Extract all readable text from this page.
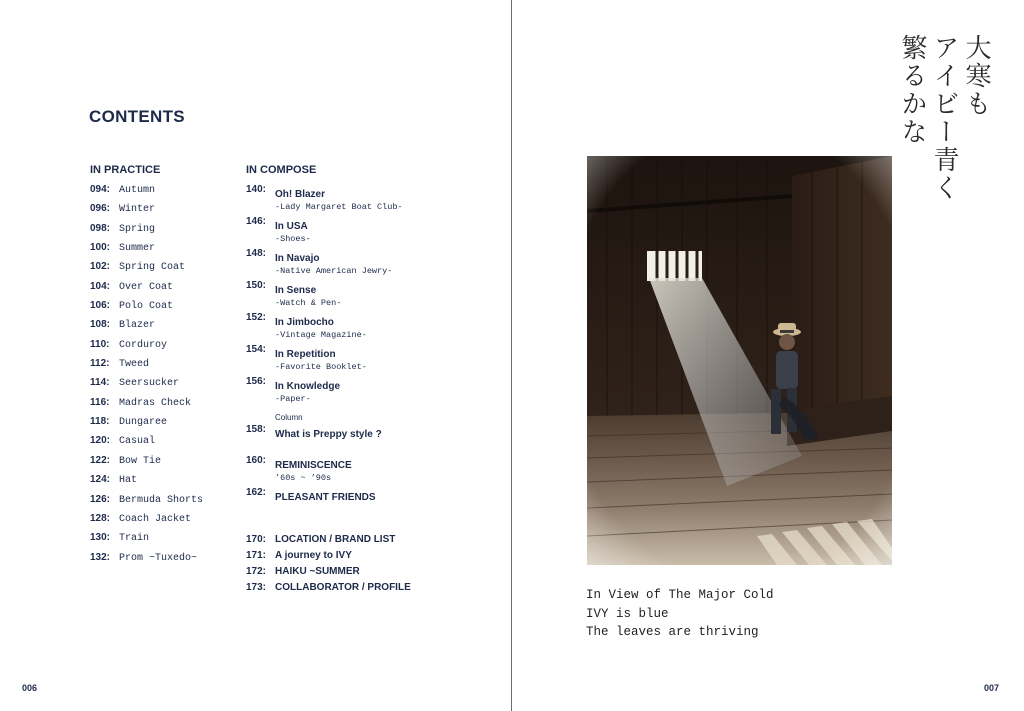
CONTENTS
IN PRACTICE
094: Autumn
096: Winter
098: Spring
100: Summer
102: Spring Coat
104: Over Coat
106: Polo Coat
108: Blazer
110: Corduroy
112: Tweed
114: Seersucker
116: Madras Check
118: Dungaree
120: Casual
122: Bow Tie
124: Hat
126: Bermuda Shorts
128: Coach Jacket
130: Train
132: Prom ~Tuxedo~
IN COMPOSE
140: Oh! Blazer
-Lady Margaret Boat Club-
146: In USA
-Shoes-
148: In Navajo
-Native American Jewry-
150: In Sense
-Watch & Pen-
152: In Jimbocho
-Vintage Magazine-
154: In Repetition
-Favorite Booklet-
156: In Knowledge
-Paper-
Column
158: What is Preppy style ?
160: REMINISCENCE
’60s ~ ’90s
162: PLEASANT FRIENDS
170: LOCATION / BRAND LIST
171: A journey to IVY
172: HAIKU ~SUMMER
173: COLLABORATOR / PROFILE
006
大寒も
アイビー青く
繁るかな
In View of The Major Cold
IVY is blue
The leaves are thriving
007
